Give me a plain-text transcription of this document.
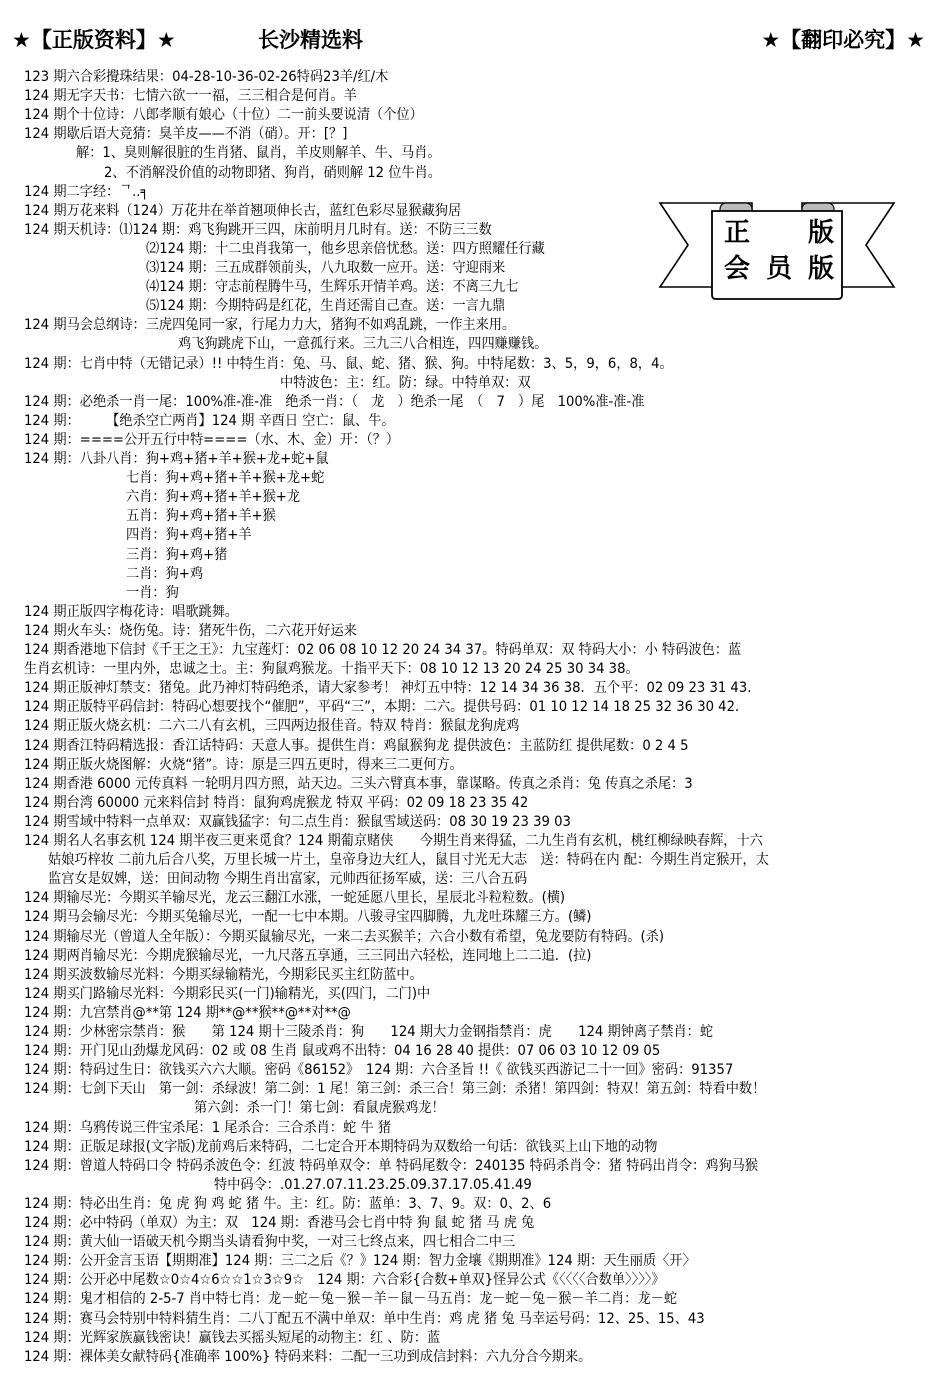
★【正版资料】★	长沙精选料	★【翻印必究】★
正 版
会 员 版
123 期六合彩攪珠结果：04-28-10-36-02-26特码23羊/红/木
124 期无字天书：七情六欲一一福，三三相合是何肖。羊
124 期个十位诗：八郎孝顺有娘心（十位）二一前头要说清（个位）
124 期歇后语大竞猜：臭羊皮——不消（硝）。开：[？]
解：1、臭则解很脏的生肖猪、鼠肖，羊皮则解羊、牛、马肖。
2、不消解没价值的动物即猪、狗肖，硝则解 12 位牛肖。
124 期二字经：ᄀ..╕
124 期万花来料（124）万花井在举首翘项伸长古，蓝红色彩尽显猴藏狗居
124 期天机诗：⑴124 期：鸡飞狗跳开三四，床前明月几时有。送：不防三三数
⑵124 期：十二虫肖我第一，他乡思亲倍忧愁。送：四方照耀任行藏
⑶124 期：三五成群领前头，八九取数一应开。送：守迎雨来
⑷124 期：守志前程腾牛马，生辉乐开情羊鸡。送：不离三九七
⑸124 期：今期特码是红花，生肖还需自己查。送：一言九鼎
124 期马会总纲诗：三虎四兔同一家，行尾力力大，猪狗不如鸡乱跳，一作主来用。
鸡飞狗跳虎下山，一意孤行来。三九三八合相连，四四赚赚钱。
124 期：七肖中特（无错记录）!! 中特生肖：兔、马、鼠、蛇、猪、猴、狗。中特尾数：3、5，9，6，8，4。
中特波色：主：红。防：绿。中特单双：双
124 期：必绝杀一肖一尾：100%准-准-准　绝杀一肖：（　龙　）绝杀一尾　（　7　）尾　100%准-准-准
124 期：　　　【绝杀空亡两肖】124 期 辛酉日 空亡：鼠、牛。
124 期：====公开五行中特====（水、木、金）开：（？）
124 期：八卦八肖：狗+鸡+猪+羊+猴+龙+蛇+鼠
七肖：狗+鸡+猪+羊+猴+龙+蛇
六肖：狗+鸡+猪+羊+猴+龙
五肖：狗+鸡+猪+羊+猴
四肖：狗+鸡+猪+羊
三肖：狗+鸡+猪
二肖：狗+鸡
一肖：狗
124 期正版四字梅花诗：唱歌跳舞。
124 期火车头：烧伤兔。诗：猪死牛伤，二六花开好运来
124 期香港地下信封《千王之王》：九宝莲灯：02 06 08 10 12 20 24 34 37。特码单双：双 特码大小：小 特码波色：蓝
生肖玄机诗：一里内外，忠诚之士。主：狗鼠鸡猴龙。十指平天下：08 10 12 13 20 24 25 30 34 38。
124 期正版神灯禁支：猪兔。此乃神灯特码绝杀，请大家参考！ 神灯五中特：12 14 34 36 38．五个平：02 09 23 31 43.
124 期正版特平码信封：特码心想要找个“催肥”，平码“三”，本期：二六。提供号码：01 10 12 14 18 25 32 36 30 42．
124 期正版火烧玄机：二六二八有玄机，三四两边报佳音。特双 特肖：猴鼠龙狗虎鸡
124 期香江特码精选报：香江话特码：天意人事。提供生肖：鸡鼠猴狗龙 提供波色：主蓝防红 提供尾数：0 2 4 5
124 期正版火烧图解：火烧“猪”。诗：原是三四五更时，得来三二更何方。
124 期香港 6000 元传真料 一轮明月四方照，站天边。三头六臂真本事，靠谋略。传真之杀肖：兔 传真之杀尾：3
124 期台湾 60000 元来料信封 特肖：鼠狗鸡虎猴龙 特双 平码：02 09 18 23 35 42
124 期雪域中特料一点单双：双赢钱猛字：句二点生肖：猴鼠雪域送码：08 30 19 23 39 03
124 期名人名事玄机 124 期半夜三更来觅食？124 期葡京赌侠　　今期生肖来得猛，二九生肖有玄机，桃红柳绿映春辉，十六
姑娘巧梓妆 二前九后合八奖，万里长城一片土，皇帝身边大红人，鼠目寸光无大志　送：特码在内 配：今期生肖定猴开，太
监宫女是奴婢，送：田间动物 今期生肖出富家，元帅西征扬军威，送：三八合五码
124 期输尽光：今期买羊输尽光，龙云三翻江水涨，一蛇延愿八里长，星辰北斗粒粒数。(横)
124 期马会输尽光：今期买兔输尽光，一配一七中本期。八骏寻宝四脚腾，九龙吐珠耀三方。(鳞)
124 期输尽光（曾道人全年版）：今期买鼠输尽光，一来二去买猴羊；六合小数有希望，兔龙要防有特码。(杀)
124 期两肖输尽光：今期虎猴输尽光，一九尺落五享通，三三同出六轻松，连同地上二二追．(拉)
124 期买波数输尽光料：今期买绿输精光，今期彩民买主红防蓝中。
124 期买门路输尽光料：今期彩民买(一门)输精光，买(四门，二门)中
124 期：九宫禁肖@**第 124 期**@**猴**@**对**@
124 期：少林密宗禁肖：猴　　第 124 期十三陵杀肖：狗　　124 期大力金钢指禁肖：虎　　124 期钟离子禁肖：蛇
124 期：开门见山劲爆龙风码：02 或 08 生肖 鼠或鸡不出特：04 16 28 40 提供：07 06 03 10 12 09 05
124 期：特码过生日：欲钱买六六大顺。密码《86152》　124 期：六合圣旨 !!《 欲钱买西游记二十一回》密码：91357
124 期：七剑下天山　第一剑：杀绿波！第二剑：1 尾！第三剑：杀三合！第三剑：杀猪！第四剑：特双！第五剑：特看中数！
第六剑：杀一门！第七剑：看鼠虎猴鸡龙！
124 期：乌鸦传说三件宝杀尾：1 尾杀合：三合杀肖：蛇 牛 猪
124 期：正版足球报(文字版)龙前鸡后来特码，二七定合开本期特码为双数给一句话：欲钱买上山下地的动物
124 期：曾道人特码口令 特码杀波色令：红波 特码单双令：单 特码尾数令：240135 特码杀肖令：猪 特码出肖令：鸡狗马猴
特中码令：.01.27.07.11.23.25.09.37.17.05.41.49
124 期：特必出生肖：兔 虎 狗 鸡 蛇 猪 牛。主：红。防：蓝单：3、7、9。双：0、2、6
124 期：必中特码（单双）为主：双　124 期：香港马会七肖中特 狗 鼠 蛇 猪 马 虎 兔
124 期：黄大仙一语破天机今期当头请看狗中奖，一对三七终点来，四七相合二中三
124 期：公开金言玉语【期期准】124 期：三二之后《？》124 期：智力金壤《期期准》124 期：天生丽质〈开〉
124 期：公开必中尾数☆0☆4☆6☆☆1☆3☆9☆　124 期：六合彩{合数+单双}怪异公式《〈〈〈〈合数单〉〉〉〉》
124 期：鬼才相信的 2-5-7 肖中特七肖：龙－蛇－兔－猴－羊－鼠－马五肖：龙－蛇－兔－猴－羊二肖：龙－蛇
124 期：赛马会特别中特料猜生肖：二八丁配五不满中单双：单中生肖：鸡 虎 猪 兔 马幸运号码：12、25、15、43
124 期：光辉家族赢钱密诀！赢钱去买摇头短尾的动物主：红 、防：蓝
124 期：裸体美女献特码{准确率 100%} 特码来料：二配一三功到成信封料：六九分合今期来。
